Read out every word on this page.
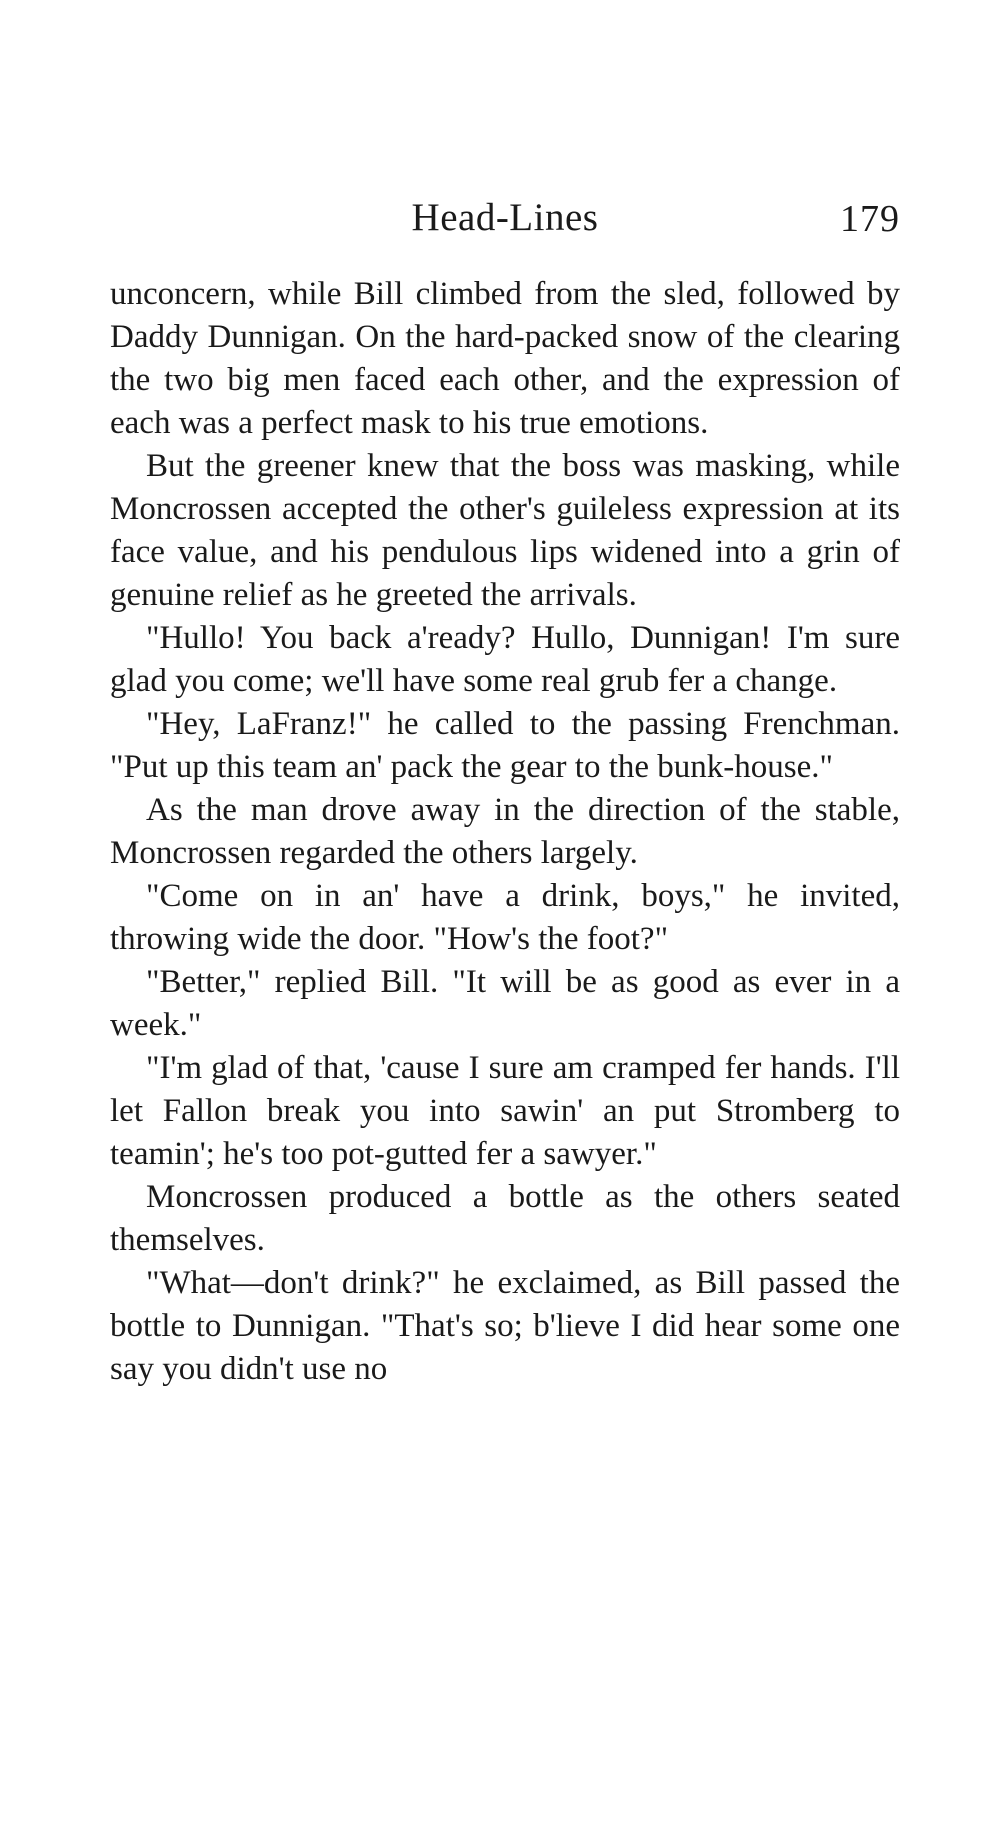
Head-Lines	179

unconcern, while Bill climbed from the sled, followed by Daddy Dunnigan. On the hard-packed snow of the clearing the two big men faced each other, and the expression of each was a perfect mask to his true emotions.

But the greener knew that the boss was masking, while Moncrossen accepted the other's guileless expression at its face value, and his pendulous lips widened into a grin of genuine relief as he greeted the arrivals.

"Hullo! You back a'ready? Hullo, Dunnigan! I'm sure glad you come; we'll have some real grub fer a change.

"Hey, LaFranz!" he called to the passing Frenchman. "Put up this team an' pack the gear to the bunk-house."

As the man drove away in the direction of the stable, Moncrossen regarded the others largely.

"Come on in an' have a drink, boys," he invited, throwing wide the door. "How's the foot?"

"Better," replied Bill. "It will be as good as ever in a week."

"I'm glad of that, 'cause I sure am cramped fer hands. I'll let Fallon break you into sawin' an put Stromberg to teamin'; he's too pot-gutted fer a sawyer."

Moncrossen produced a bottle as the others seated themselves.

"What—don't drink?" he exclaimed, as Bill passed the bottle to Dunnigan. "That's so; b'lieve I did hear some one say you didn't use no
